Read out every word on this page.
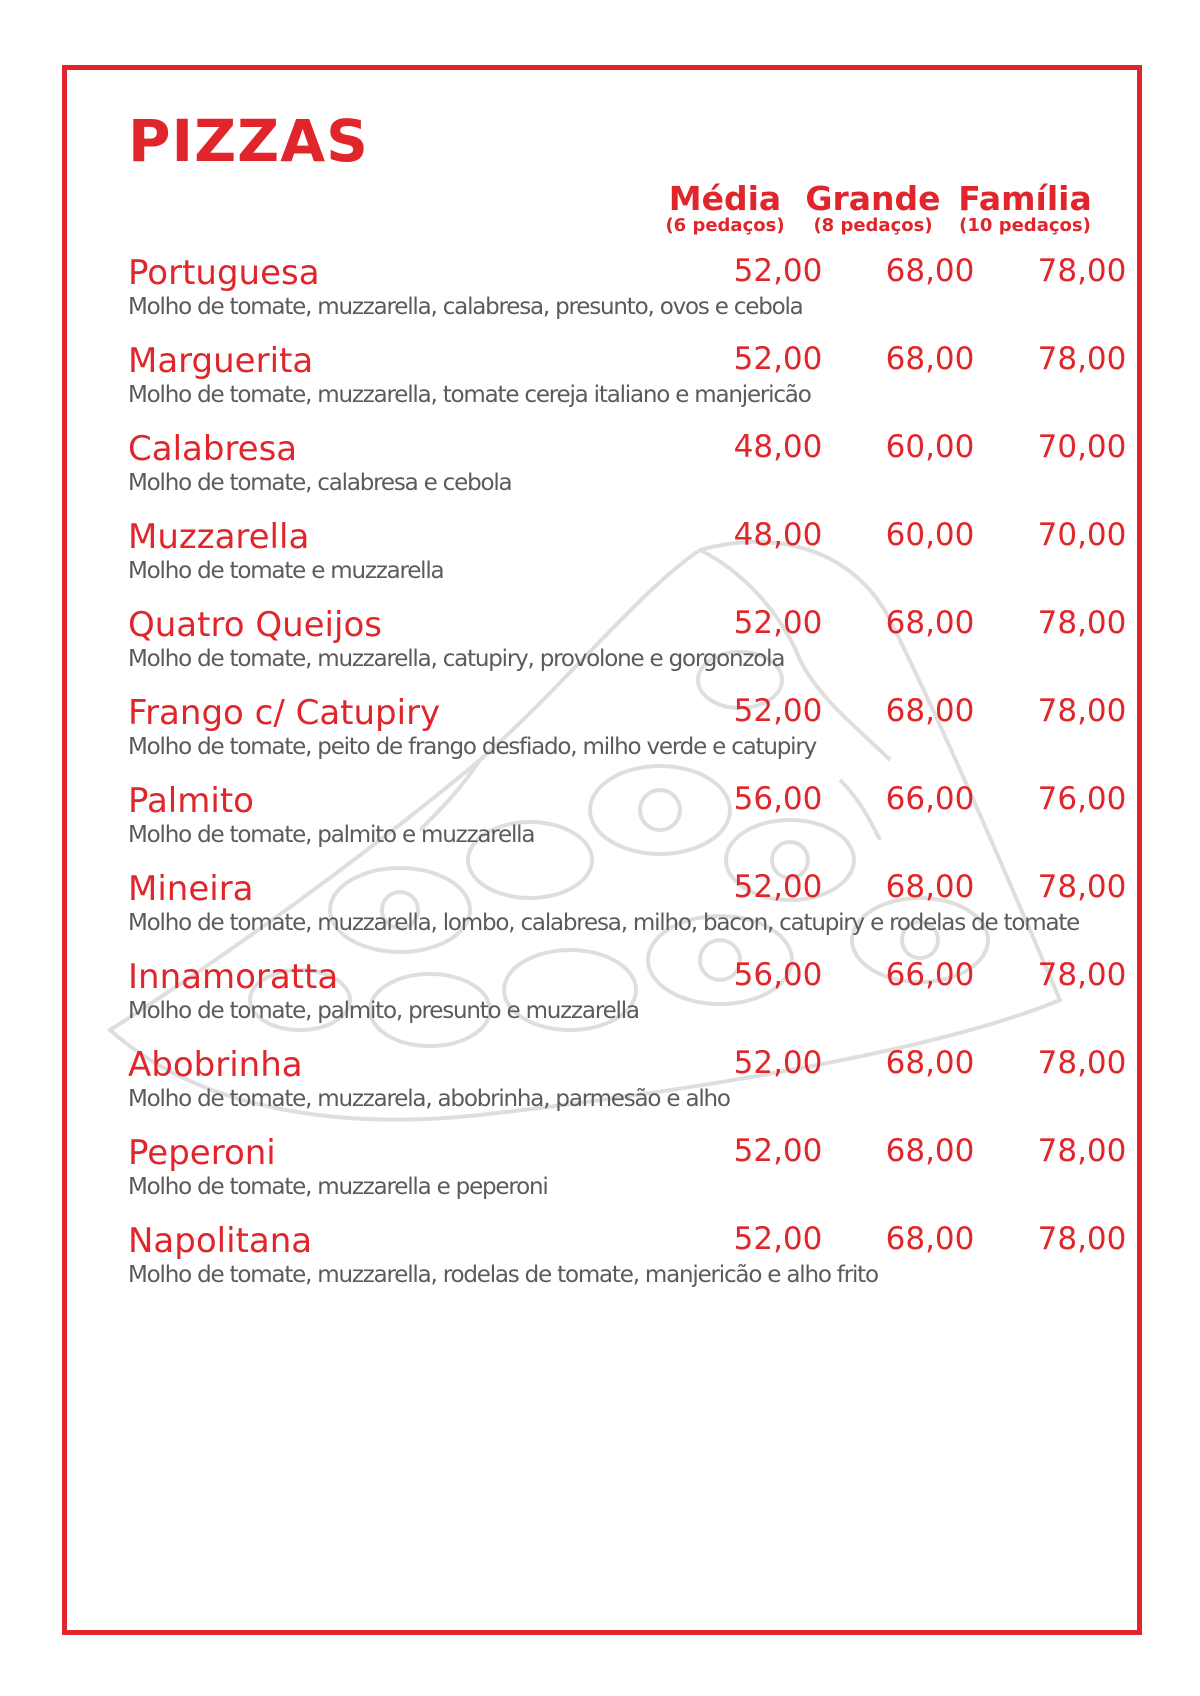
PIZZAS
Média
(6 pedaços)
Grande
(8 pedaços)
Família
(10 pedaços)
Portuguesa	52,00	68,00	78,00

Molho de tomate, muzzarella, calabresa, presunto, ovos e cebola

Marguerita	52,00	68,00	78,00

Molho de tomate, muzzarella, tomate cereja italiano e manjericão

Calabresa	48,00	60,00	70,00

Molho de tomate, calabresa e cebola

Muzzarella	48,00	60,00	70,00

Molho de tomate e muzzarella

Quatro Queijos	52,00	68,00	78,00

Molho de tomate, muzzarella, catupiry, provolone e gorgonzola

Frango c/ Catupiry	52,00	68,00	78,00

Molho de tomate, peito de frango desfiado, milho verde e catupiry

Palmito	56,00	66,00	76,00

Molho de tomate, palmito e muzzarella

Mineira	52,00	68,00	78,00

Molho de tomate, muzzarella, lombo, calabresa, milho, bacon, catupiry e rodelas de tomate

Innamoratta	56,00	66,00	78,00

Molho de tomate, palmito, presunto e muzzarella

Abobrinha	52,00	68,00	78,00

Molho de tomate, muzzarela, abobrinha, parmesão e alho

Peperoni	52,00	68,00	78,00

Molho de tomate, muzzarella e peperoni

Napolitana	52,00	68,00	78,00

Molho de tomate, muzzarella, rodelas de tomate, manjericão e alho frito
